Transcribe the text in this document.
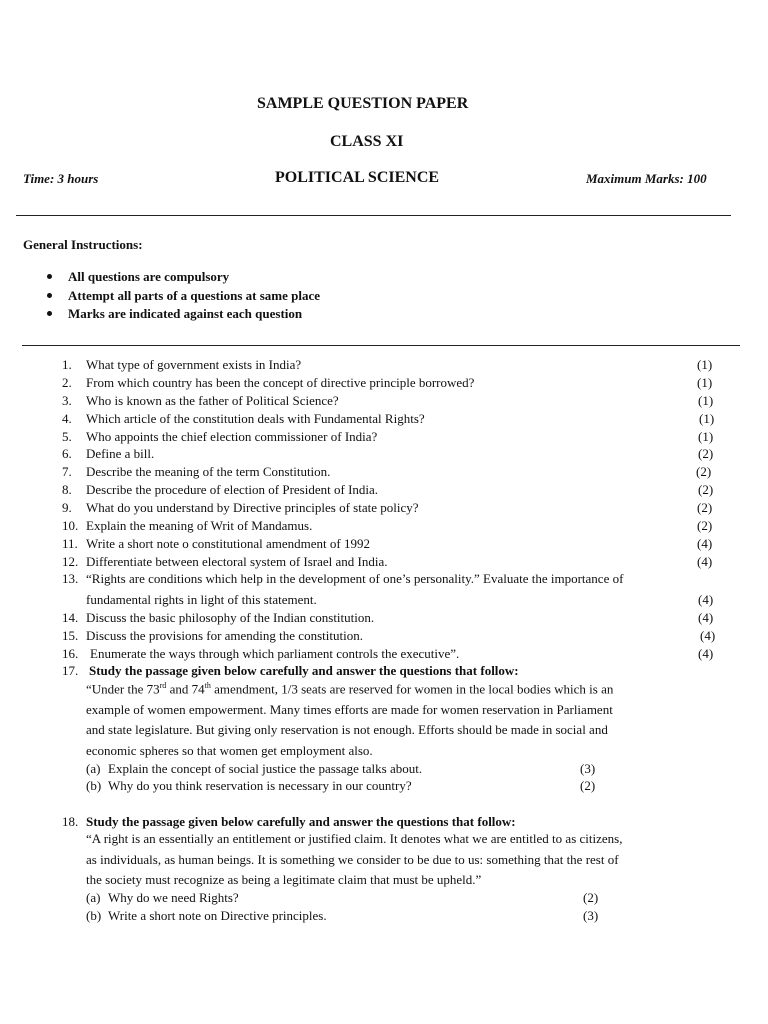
SAMPLE QUESTION PAPER
CLASS XI
POLITICAL SCIENCE
Time: 3 hours	Maximum Marks: 100
General Instructions:
All questions are compulsory
Attempt all parts of a questions at same place
Marks are indicated against each question
1. What type of government exists in India?	(1)
2. From which country has been the concept of directive principle borrowed?	(1)
3. Who is known as the father of Political Science?	(1)
4. Which article of the constitution deals with Fundamental Rights?	(1)
5. Who appoints the chief election commissioner of India?	(1)
6. Define a bill.	(2)
7. Describe the meaning of the term Constitution.	(2)
8. Describe the procedure of election of President of India.	(2)
9. What do you understand by Directive principles of state policy?	(2)
10. Explain the meaning of Writ of Mandamus.	(2)
11. Write a short note o constitutional amendment of 1992	(4)
12. Differentiate between electoral system of Israel and India.	(4)
13. “Rights are conditions which help in the development of one’s personality.” Evaluate the importance of
fundamental rights in light of this statement.	(4)
14. Discuss the basic philosophy of the Indian constitution.	(4)
15. Discuss the provisions for amending the constitution.	(4)
16. Enumerate the ways through which parliament controls the executive”.	(4)
17. Study the passage given below carefully and answer the questions that follow:
“Under the 73rd and 74th amendment, 1/3 seats are reserved for women in the local bodies which is an
example of women empowerment. Many times efforts are made for women reservation in Parliament
and state legislature. But giving only reservation is not enough. Efforts should be made in social and
economic spheres so that women get employment also.
(a) Explain the concept of social justice the passage talks about.	(3)
(b) Why do you think reservation is necessary in our country?	(2)
18. Study the passage given below carefully and answer the questions that follow:
“A right is an essentially an entitlement or justified claim. It denotes what we are entitled to as citizens,
as individuals, as human beings. It is something we consider to be due to us: something that the rest of
the society must recognize as being a legitimate claim that must be upheld.”
(a) Why do we need Rights?	(2)
(b) Write a short note on Directive principles.	(3)
